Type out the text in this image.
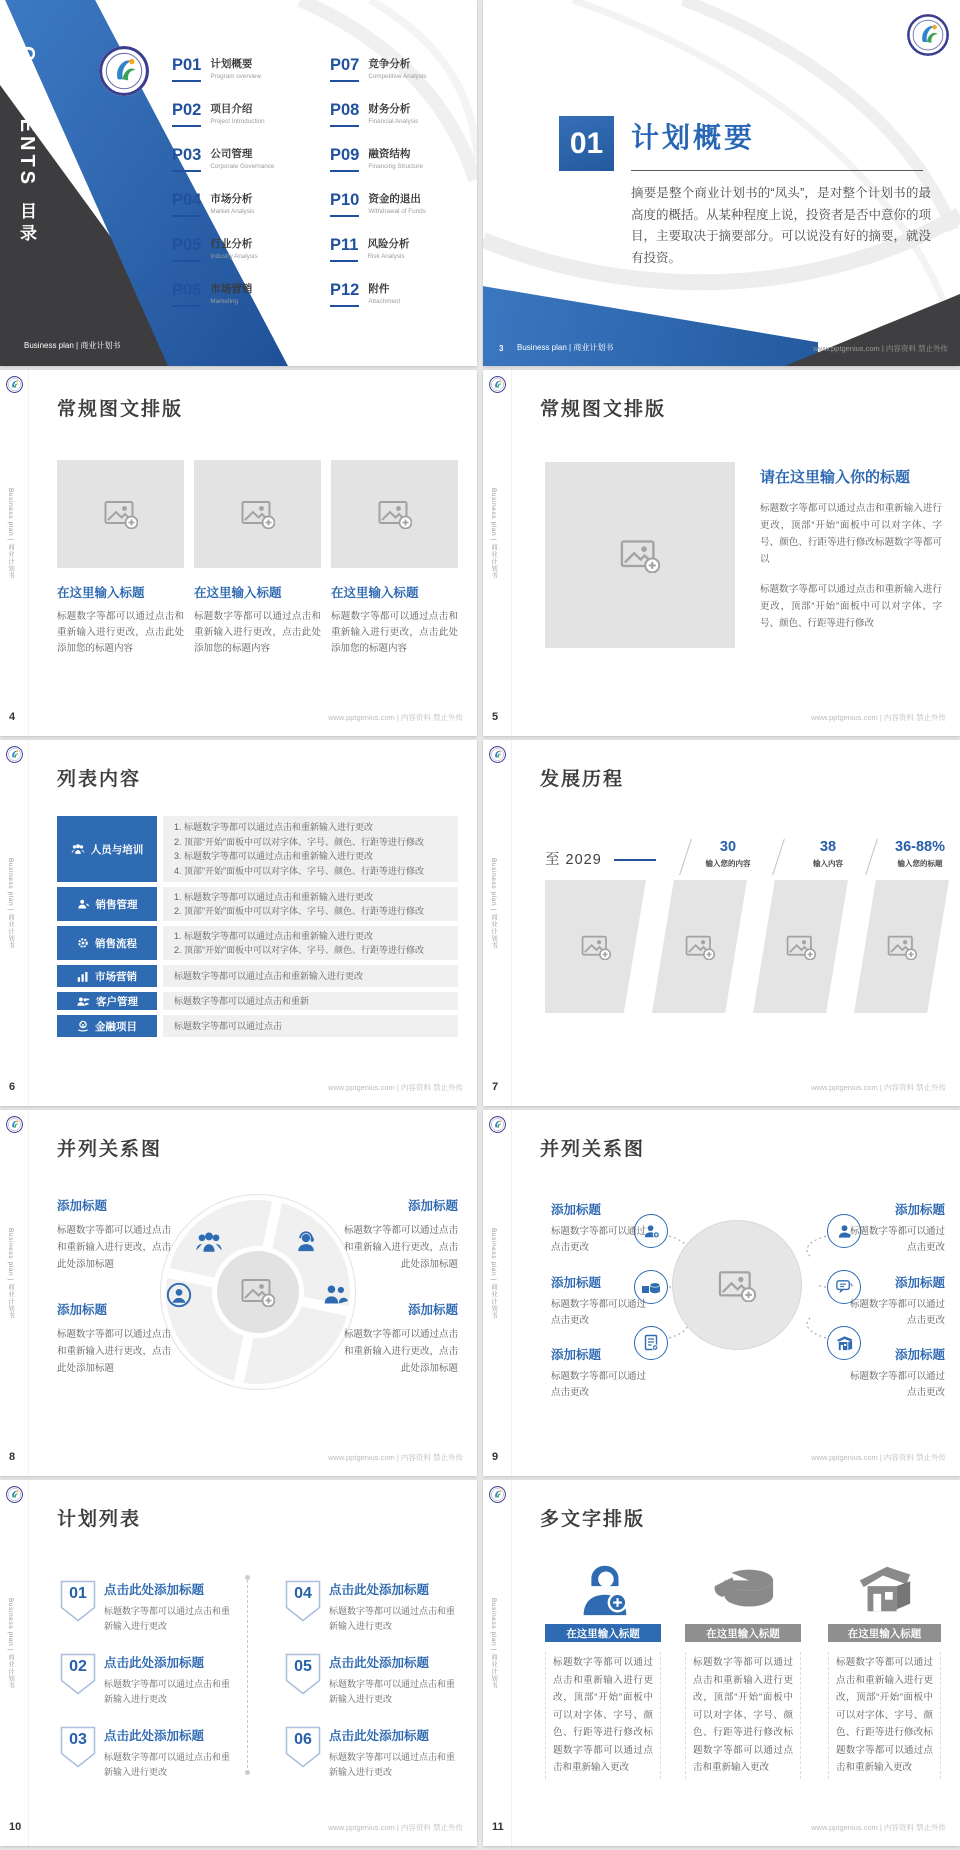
CONTENTS
目录
P01 计划概要
Program overview
P02 项目介绍
Project Introduction
P03 公司管理
Corporate Governance
P04 市场分析
Market Analysis
P05 行业分析
Industry Analysis
P06 市场营销
Marketing
P07 竞争分析
Competitive Analysis
P08 财务分析
Financial Analysis
P09 融资结构
Financing Structure
P10 资金的退出
Withdrawal of Funds
P11 风险分析
Risk Analysis
P12 附件
Attachment
Business plan | 商业计划书
01 计划概要
摘要是整个商业计划书的“凤头”，是对整个计划书的最高度的概括。从某种程度上说，投资者是否中意你的项目，主要取决于摘要部分。可以说没有好的摘要，就没有投资。
3 Business plan | 商业计划书	www.pptgenius.com | 内容资料 禁止外传
Business plan | 商业计划书
常规图文排版
在这里输入标题
标题数字等都可以通过点击和重新输入进行更改，点击此处添加您的标题内容
在这里输入标题
标题数字等都可以通过点击和重新输入进行更改，点击此处添加您的标题内容
在这里输入标题
标题数字等都可以通过点击和重新输入进行更改，点击此处添加您的标题内容
4	www.pptgenius.com | 内容资料 禁止外传
Business plan | 商业计划书
常规图文排版
请在这里输入你的标题

标题数字等都可以通过点击和重新输入进行更改，顶部“开始”面板中可以对字体、字号、颜色、行距等进行修改标题数字等都可以

标题数字等都可以通过点击和重新输入进行更改，顶部“开始”面板中可以对字体、字号、颜色、行距等进行修改

5	www.pptgenius.com | 内容资料 禁止外传
Business plan | 商业计划书
列表内容
人员与培训
1. 标题数字等都可以通过点击和重新输入进行更改
2. 顶部“开始”面板中可以对字体、字号、颜色、行距等进行修改
3. 标题数字等都可以通过点击和重新输入进行更改
4. 顶部“开始”面板中可以对字体、字号、颜色、行距等进行修改
销售管理
1. 标题数字等都可以通过点击和重新输入进行更改
2. 顶部“开始”面板中可以对字体、字号、颜色、行距等进行修改
销售流程
1. 标题数字等都可以通过点击和重新输入进行更改
2. 顶部“开始”面板中可以对字体、字号、颜色、行距等进行修改
市场营销	标题数字等都可以通过点击和重新输入进行更改
客户管理	标题数字等都可以通过点击和重新
金融项目	标题数字等都可以通过点击
6	www.pptgenius.com | 内容资料 禁止外传
Business plan | 商业计划书
发展历程
至 2029
30
输入您的内容
38
输入内容
36-88%
输入您的标题
7	www.pptgenius.com | 内容资料 禁止外传
Business plan | 商业计划书
并列关系图
添加标题

标题数字等都可以通过点击和重新输入进行更改，点击此处添加标题

添加标题

标题数字等都可以通过点击和重新输入进行更改，点击此处添加标题

添加标题

标题数字等都可以通过点击和重新输入进行更改，点击此处添加标题

添加标题

标题数字等都可以通过点击和重新输入进行更改，点击此处添加标题

8	www.pptgenius.com | 内容资料 禁止外传
Business plan | 商业计划书
并列关系图
添加标题

标题数字等都可以通过点击更改

添加标题

标题数字等都可以通过点击更改

添加标题

标题数字等都可以通过点击更改

添加标题

标题数字等都可以通过点击更改

添加标题

标题数字等都可以通过点击更改

添加标题

标题数字等都可以通过点击更改

9	www.pptgenius.com | 内容资料 禁止外传
Business plan | 商业计划书
计划列表
01	点击此处添加标题

标题数字等都可以通过点击和重新输入进行更改

02	点击此处添加标题

标题数字等都可以通过点击和重新输入进行更改

03	点击此处添加标题

标题数字等都可以通过点击和重新输入进行更改

04	点击此处添加标题

标题数字等都可以通过点击和重新输入进行更改

05	点击此处添加标题

标题数字等都可以通过点击和重新输入进行更改

06	点击此处添加标题

标题数字等都可以通过点击和重新输入进行更改

10	www.pptgenius.com | 内容资料 禁止外传
Business plan | 商业计划书
多文字排版
在这里输入标题
标题数字等都可以通过点击和重新输入进行更改，顶部“开始”面板中可以对字体、字号、颜色、行距等进行修改标题数字等都可以通过点击和重新输入更改
在这里输入标题
标题数字等都可以通过点击和重新输入进行更改，顶部“开始”面板中可以对字体、字号、颜色、行距等进行修改标题数字等都可以通过点击和重新输入更改
在这里输入标题
标题数字等都可以通过点击和重新输入进行更改，顶部“开始”面板中可以对字体、字号、颜色、行距等进行修改标题数字等都可以通过点击和重新输入更改
11	www.pptgenius.com | 内容资料 禁止外传
